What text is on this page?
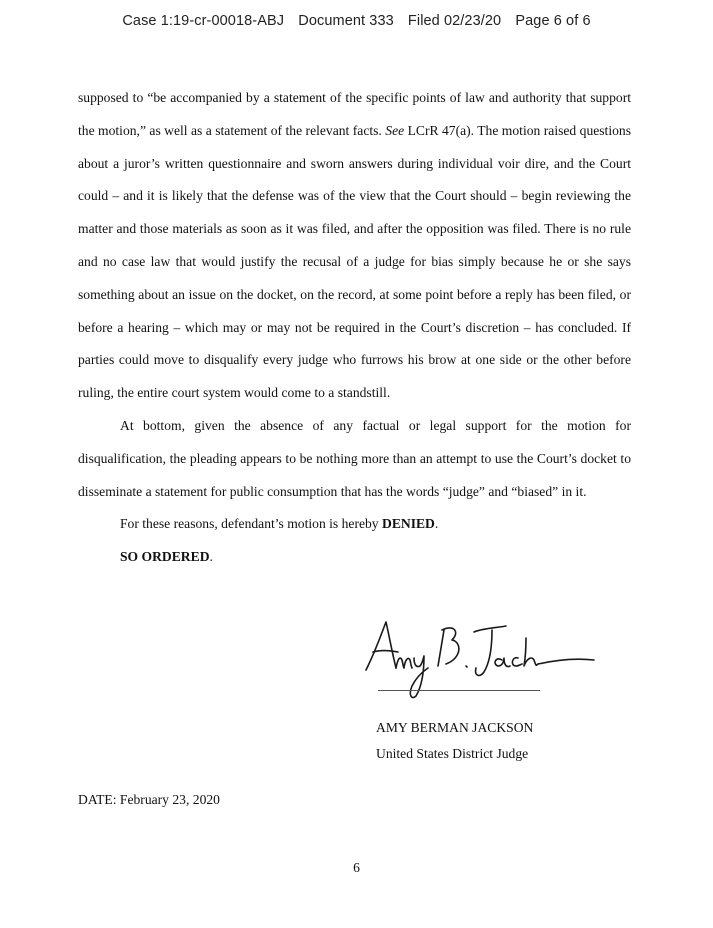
Case 1:19-cr-00018-ABJ Document 333 Filed 02/23/20 Page 6 of 6

supposed to “be accompanied by a statement of the specific points of law and authority that support the motion,” as well as a statement of the relevant facts. See LCrR 47(a). The motion raised questions about a juror’s written questionnaire and sworn answers during individual voir dire, and the Court could – and it is likely that the defense was of the view that the Court should – begin reviewing the matter and those materials as soon as it was filed, and after the opposition was filed. There is no rule and no case law that would justify the recusal of a judge for bias simply because he or she says something about an issue on the docket, on the record, at some point before a reply has been filed, or before a hearing – which may or may not be required in the Court’s discretion – has concluded. If parties could move to disqualify every judge who furrows his brow at one side or the other before ruling, the entire court system would come to a standstill.

At bottom, given the absence of any factual or legal support for the motion for disqualification, the pleading appears to be nothing more than an attempt to use the Court’s docket to disseminate a statement for public consumption that has the words “judge” and “biased” in it.

For these reasons, defendant’s motion is hereby DENIED.

SO ORDERED.

AMY BERMAN JACKSON
United States District Judge
DATE: February 23, 2020
6
